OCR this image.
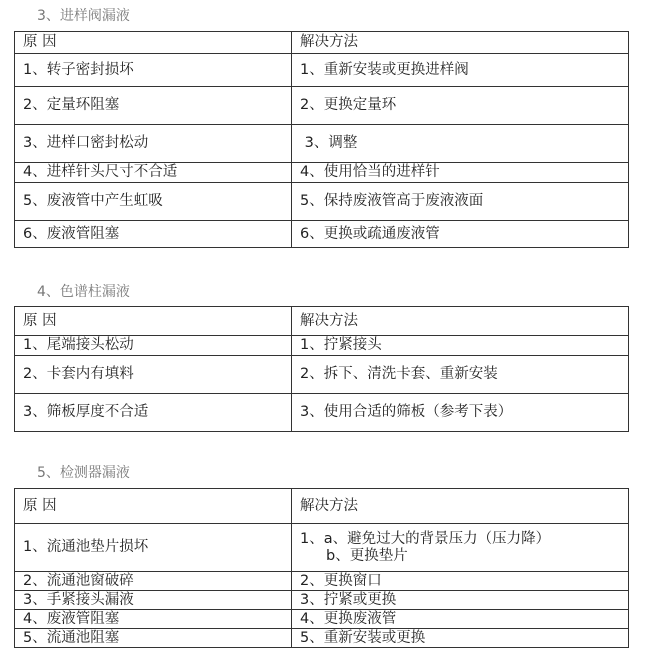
3、进样阀漏液
原 因	解决方法
1、转子密封损坏	1、重新安装或更换进样阀
2、定量环阻塞	2、更换定量环
3、进样口密封松动	3、调整
4、进样针头尺寸不合适	4、使用恰当的进样针
5、废液管中产生虹吸	5、保持废液管高于废液液面
6、废液管阻塞	6、更换或疏通废液管
4、色谱柱漏液
原 因	解决方法
1、尾端接头松动	1、拧紧接头
2、卡套内有填料	2、拆下、清洗卡套、重新安装
3、筛板厚度不合适	3、使用合适的筛板（参考下表）
5、检测器漏液
原 因	解决方法
1、流通池垫片损坏	1、a、避免过大的背景压力（压力降）
b、更换垫片

2、流通池窗破碎	2、更换窗口
3、手紧接头漏液	3、拧紧或更换
4、废液管阻塞	4、更换废液管
5、流通池阻塞	5、重新安装或更换
